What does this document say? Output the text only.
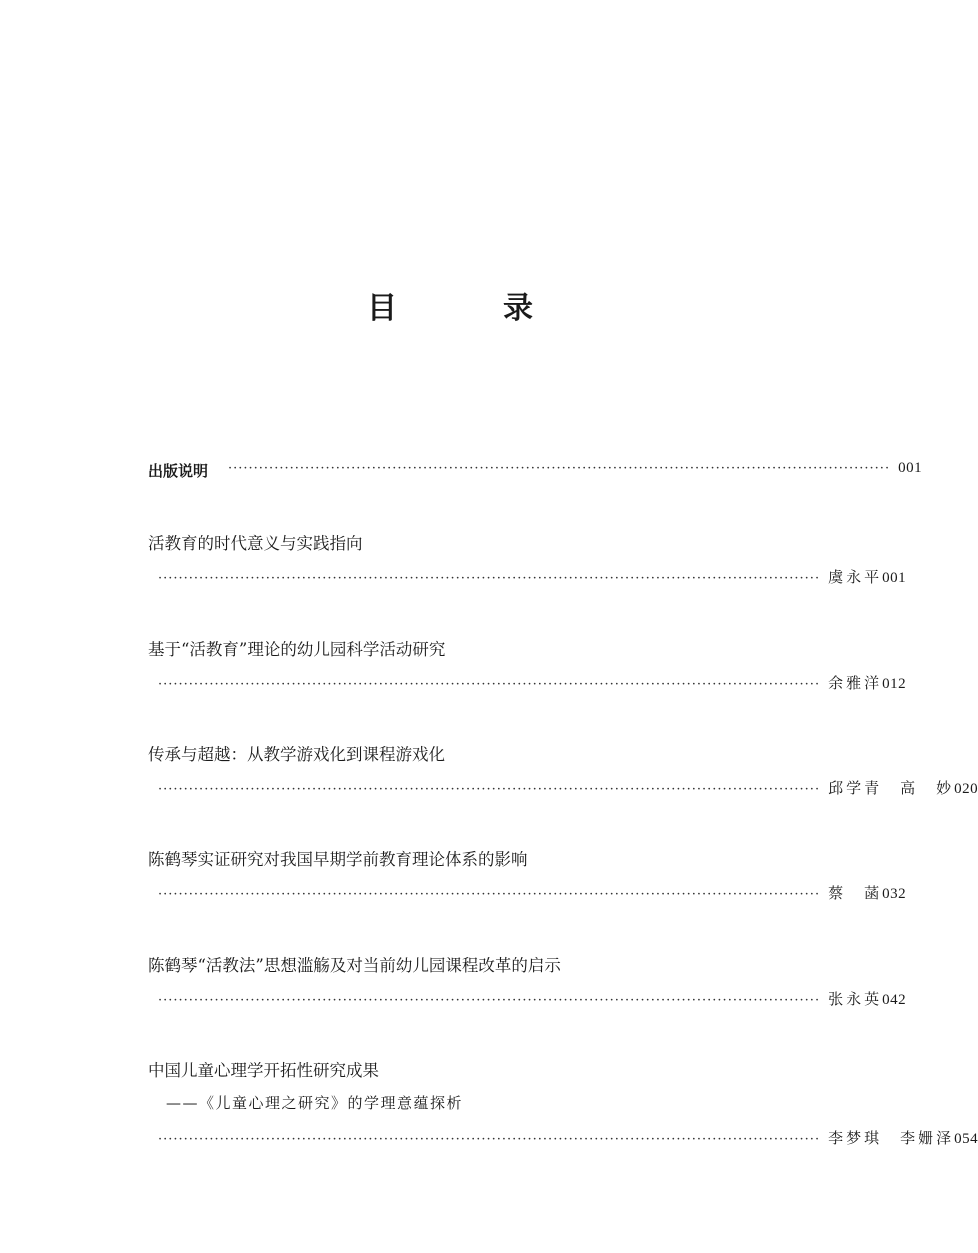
目　录
出版说明 ································································································································· 001
活教育的时代意义与实践指向
································································································································· 虞永平 001
基于“活教育”理论的幼儿园科学活动研究
································································································································· 余雅洋 012
传承与超越：从教学游戏化到课程游戏化
································································································································· 邱学青　高　妙 020
陈鹤琴实证研究对我国早期学前教育理论体系的影响
································································································································· 蔡　菡 032
陈鹤琴“活教法”思想滥觞及对当前幼儿园课程改革的启示
································································································································· 张永英 042
中国儿童心理学开拓性研究成果
——《儿童心理之研究》的学理意蕴探析
································································································································· 李梦琪　李姗泽 054
